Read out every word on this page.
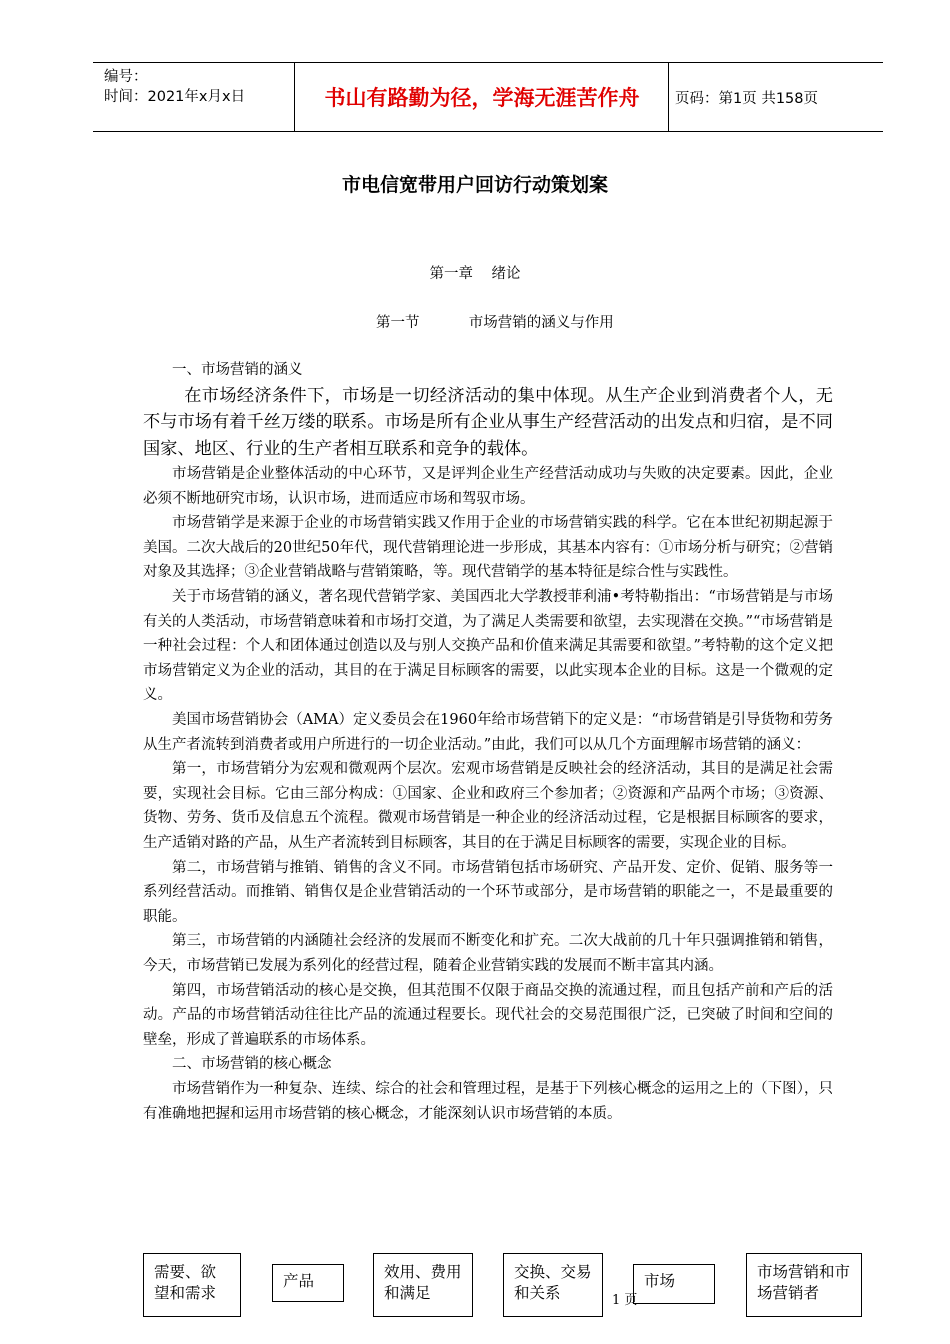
编号：
时间：2021年x月x日	书山有路勤为径，学海无涯苦作舟	页码：第1页 共158页
市电信宽带用户回访行动策划案
第一章    绪论
第一节	市场营销的涵义与作用

一、市场营销的涵义

在市场经济条件下，市场是一切经济活动的集中体现。从生产企业到消费者个人，无不与市场有着千丝万缕的联系。市场是所有企业从事生产经营活动的出发点和归宿，是不同国家、地区、行业的生产者相互联系和竞争的载体。

市场营销是企业整体活动的中心环节，又是评判企业生产经营活动成功与失败的决定要素。因此，企业必须不断地研究市场，认识市场，进而适应市场和驾驭市场。

市场营销学是来源于企业的市场营销实践又作用于企业的市场营销实践的科学。它在本世纪初期起源于美国。二次大战后的20世纪50年代，现代营销理论进一步形成，其基本内容有：①市场分析与研究；②营销对象及其选择；③企业营销战略与营销策略，等。现代营销学的基本特征是综合性与实践性。

关于市场营销的涵义，著名现代营销学家、美国西北大学教授菲利浦•考特勒指出：“市场营销是与市场有关的人类活动，市场营销意味着和市场打交道，为了满足人类需要和欲望，去实现潜在交换。”“市场营销是一种社会过程：个人和团体通过创造以及与别人交换产品和价值来满足其需要和欲望。”考特勒的这个定义把市场营销定义为企业的活动，其目的在于满足目标顾客的需要，以此实现本企业的目标。这是一个微观的定义。

美国市场营销协会（AMA）定义委员会在1960年给市场营销下的定义是：“市场营销是引导货物和劳务从生产者流转到消费者或用户所进行的一切企业活动。”由此，我们可以从几个方面理解市场营销的涵义：

第一，市场营销分为宏观和微观两个层次。宏观市场营销是反映社会的经济活动，其目的是满足社会需要，实现社会目标。它由三部分构成：①国家、企业和政府三个参加者；②资源和产品两个市场；③资源、货物、劳务、货币及信息五个流程。微观市场营销是一种企业的经济活动过程，它是根据目标顾客的要求，生产适销对路的产品，从生产者流转到目标顾客，其目的在于满足目标顾客的需要，实现企业的目标。

第二，市场营销与推销、销售的含义不同。市场营销包括市场研究、产品开发、定价、促销、服务等一系列经营活动。而推销、销售仅是企业营销活动的一个环节或部分，是市场营销的职能之一，不是最重要的职能。

第三，市场营销的内涵随社会经济的发展而不断变化和扩充。二次大战前的几十年只强调推销和销售，今天，市场营销已发展为系列化的经营过程，随着企业营销实践的发展而不断丰富其内涵。

第四，市场营销活动的核心是交换，但其范围不仅限于商品交换的流通过程，而且包括产前和产后的活动。产品的市场营销活动往往比产品的流通过程要长。现代社会的交易范围很广泛，已突破了时间和空间的壁垒，形成了普遍联系的市场体系。

二、市场营销的核心概念

市场营销作为一种复杂、连续、综合的社会和管理过程，是基于下列核心概念的运用之上的（下图），只有准确地把握和运用市场营销的核心概念，才能深刻认识市场营销的本质。

需要、欲望和需求
产品	效用、费用和满足
交换、交易和关系
市场	市场营销和市场营销者
1 页
